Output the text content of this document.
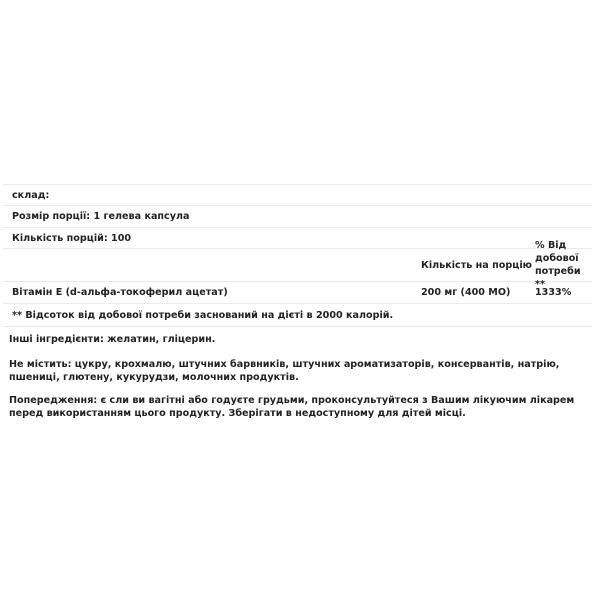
склад:
Розмір порції: 1 гелева капсула
Кількість порцій: 100
Кількість на порцію
% Від добової потреби **
Вітамін Е (d-альфа-токоферил ацетат)	200 мг (400 МО)	1333%
** Відсоток від добової потреби заснований на дієті в 2000 калорій.

Інші інгредієнти: желатин, гліцерин.

Не містить: цукру, крохмалю, штучних барвників, штучних ароматизаторів, консервантів, натрію, пшениці, глютену, кукурудзи, молочних продуктів.

Попередження: є сли ви вагітні або годуєте грудьми, проконсультуйтеся з Вашим лікуючим лікарем перед використанням цього продукту. Зберігати в недоступному для дітей місці.
